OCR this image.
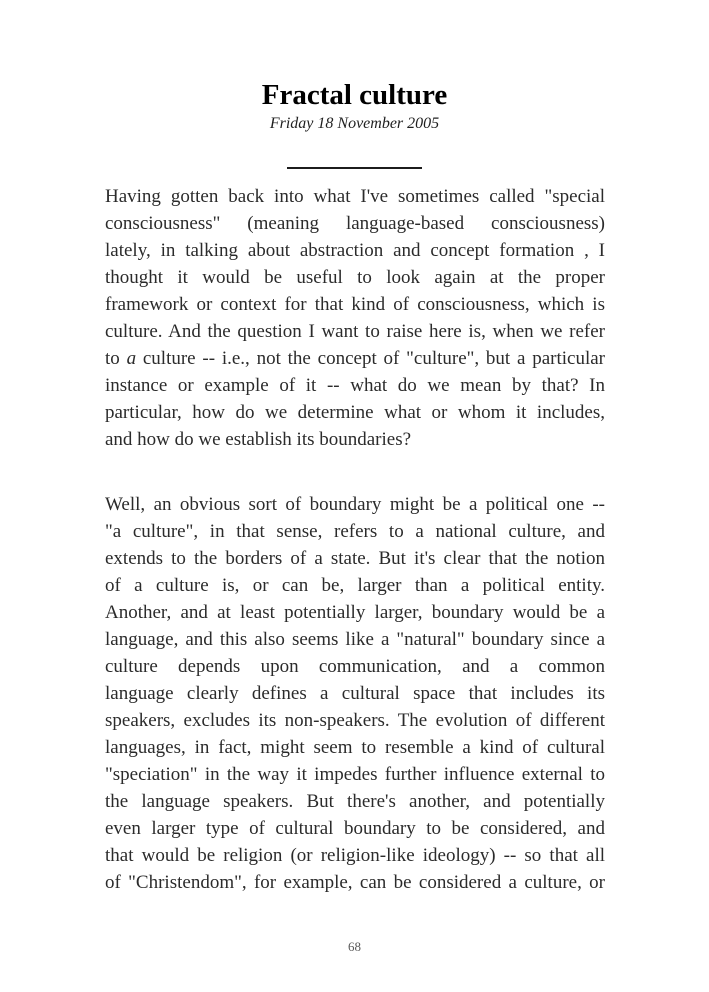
Fractal culture
Friday 18 November 2005
Having gotten back into what I've sometimes called "special
consciousness" (meaning language-based consciousness)
lately, in talking about abstraction and concept formation , I
thought it would be useful to look again at the proper
framework or context for that kind of consciousness, which is
culture. And the question I want to raise here is, when we refer
to a culture -- i.e., not the concept of "culture", but a particular
instance or example of it -- what do we mean by that? In
particular, how do we determine what or whom it includes,
and how do we establish its boundaries?
Well, an obvious sort of boundary might be a political one --
"a culture", in that sense, refers to a national culture, and
extends to the borders of a state. But it's clear that the notion
of a culture is, or can be, larger than a political entity.
Another, and at least potentially larger, boundary would be a
language, and this also seems like a "natural" boundary since a
culture depends upon communication, and a common
language clearly defines a cultural space that includes its
speakers, excludes its non-speakers. The evolution of different
languages, in fact, might seem to resemble a kind of cultural
"speciation" in the way it impedes further influence external to
the language speakers. But there's another, and potentially
even larger type of cultural boundary to be considered, and
that would be religion (or religion-like ideology) -- so that all
of "Christendom", for example, can be considered a culture, or
68
